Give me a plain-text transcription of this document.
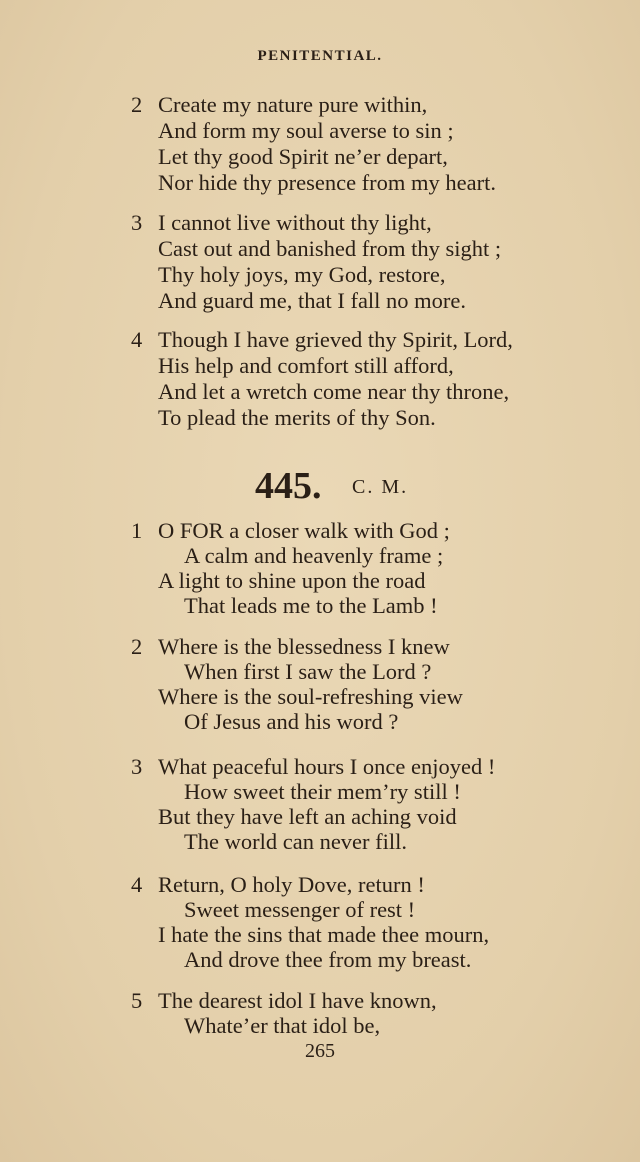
PENITENTIAL.
2 Create my nature pure within,
And form my soul averse to sin ;
Let thy good Spirit ne’er depart,
Nor hide thy presence from my heart.
3 I cannot live without thy light,
Cast out and banished from thy sight ;
Thy holy joys, my God, restore,
And guard me, that I fall no more.
4 Though I have grieved thy Spirit, Lord,
His help and comfort still afford,
And let a wretch come near thy throne,
To plead the merits of thy Son.
445. C. M.
1 O FOR a closer walk with God ;
A calm and heavenly frame ;
A light to shine upon the road
That leads me to the Lamb !
2 Where is the blessedness I knew
When first I saw the Lord ?
Where is the soul-refreshing view
Of Jesus and his word ?
3 What peaceful hours I once enjoyed !
How sweet their mem’ry still !
But they have left an aching void
The world can never fill.
4 Return, O holy Dove, return !
Sweet messenger of rest !
I hate the sins that made thee mourn,
And drove thee from my breast.
5 The dearest idol I have known,
Whate’er that idol be,
265
